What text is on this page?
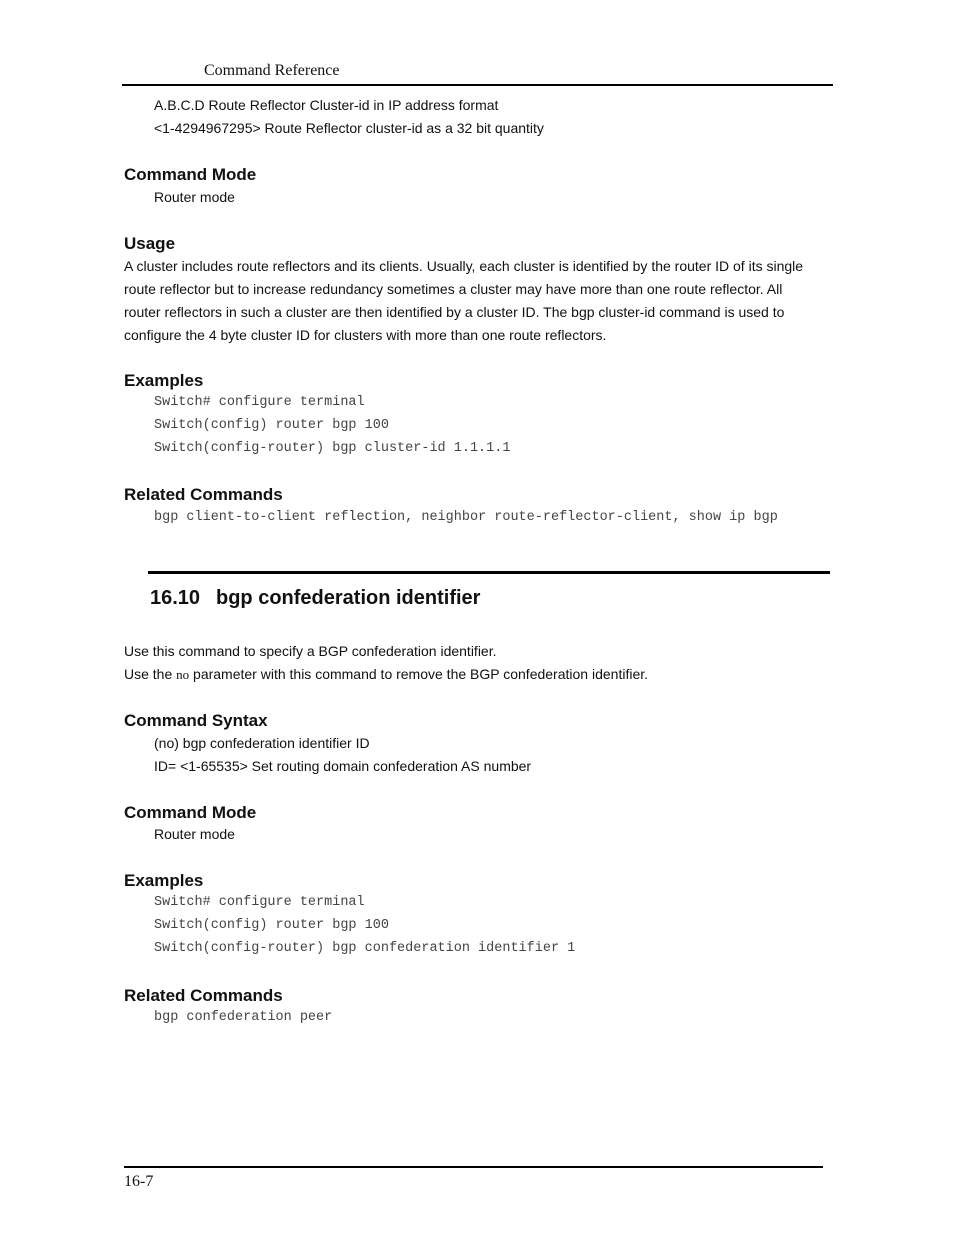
Command Reference
A.B.C.D Route Reflector Cluster-id in IP address format
<1-4294967295> Route Reflector cluster-id as a 32 bit quantity
Command Mode
Router mode
Usage
A cluster includes route reflectors and its clients. Usually, each cluster is identified by the router ID of its single
route reflector but to increase redundancy sometimes a cluster may have more than one route reflector. All
router reflectors in such a cluster are then identified by a cluster ID. The bgp cluster-id command is used to
configure the 4 byte cluster ID for clusters with more than one route reflectors.
Examples
Switch# configure terminal
Switch(config) router bgp 100
Switch(config-router) bgp cluster-id 1.1.1.1
Related Commands
bgp client-to-client reflection, neighbor route-reflector-client, show ip bgp
16.10 bgp confederation identifier
Use this command to specify a BGP confederation identifier.
Use the no parameter with this command to remove the BGP confederation identifier.
Command Syntax
(no) bgp confederation identifier ID
ID= <1-65535> Set routing domain confederation AS number
Command Mode
Router mode
Examples
Switch# configure terminal
Switch(config) router bgp 100
Switch(config-router) bgp confederation identifier 1
Related Commands
bgp confederation peer
16-7
